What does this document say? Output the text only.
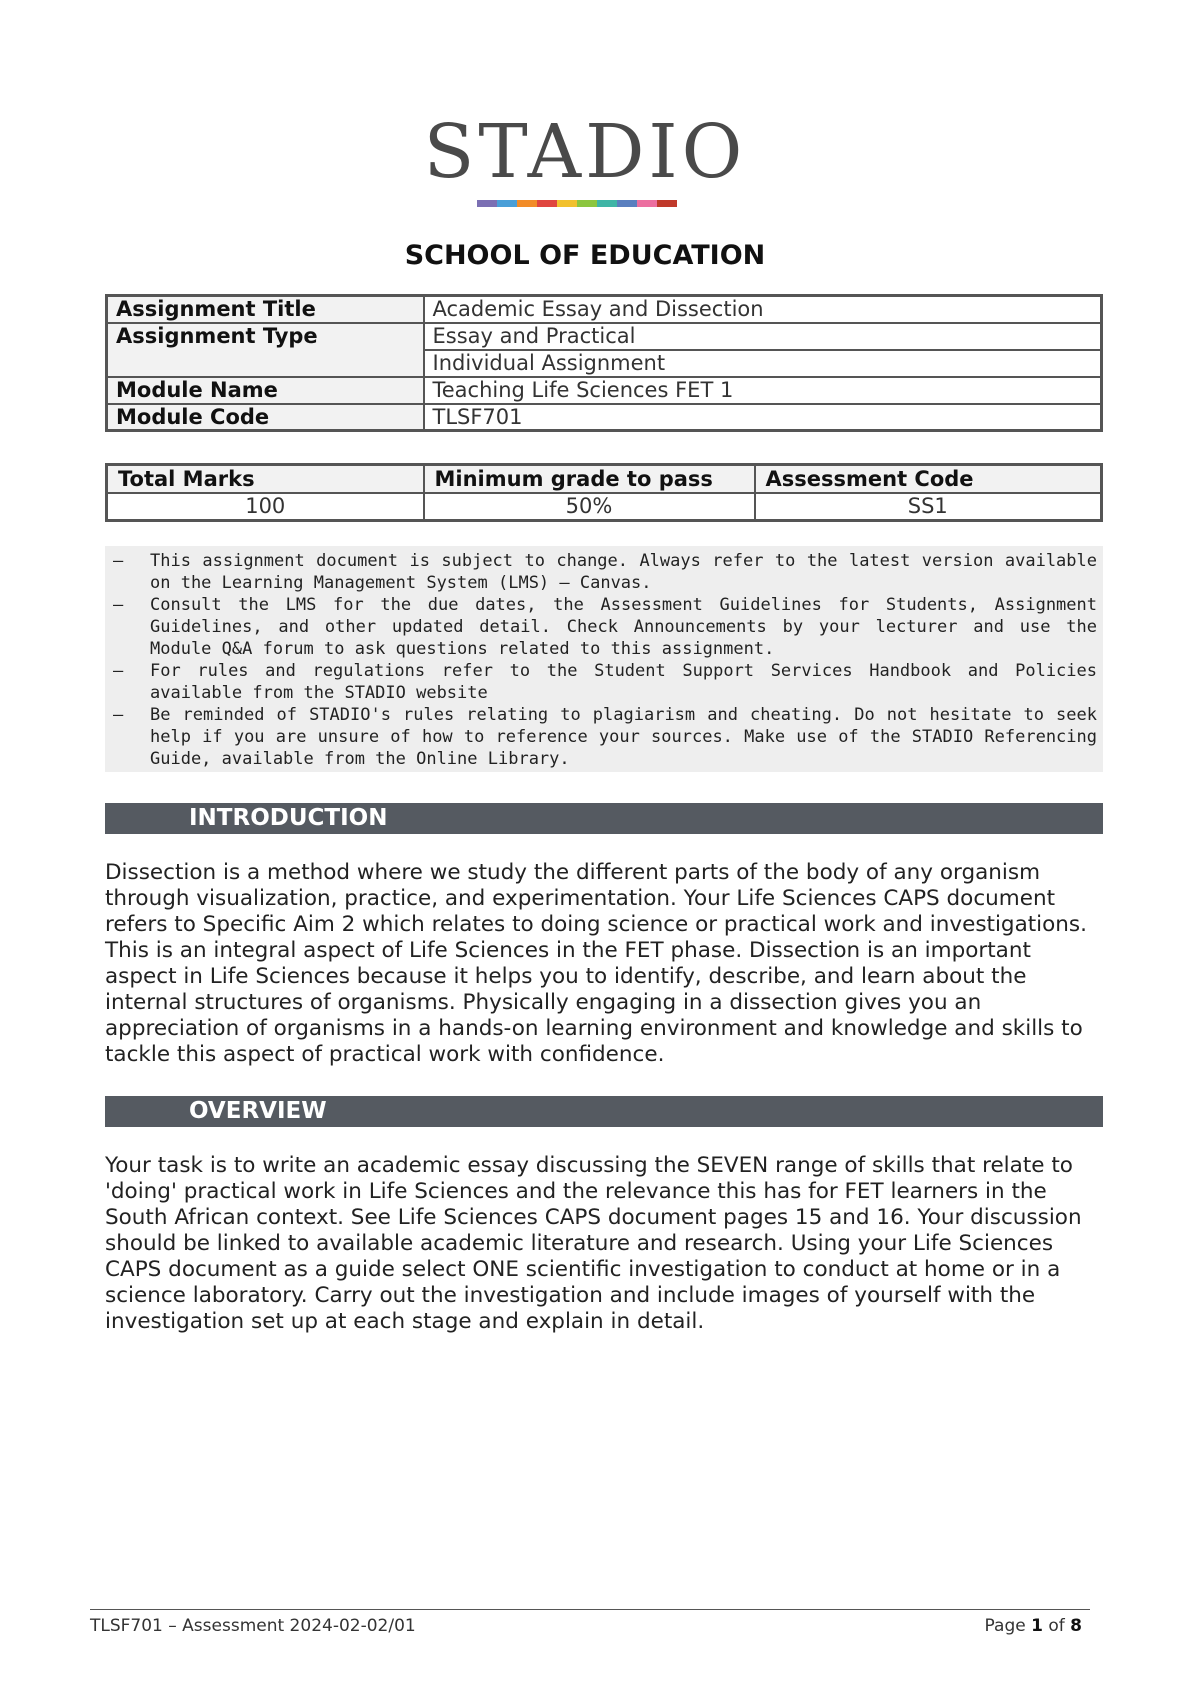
STADIO
SCHOOL OF EDUCATION
Assignment Title	Academic Essay and Dissection
Assignment Type	Essay and Practical
	Individual Assignment
Module Name	Teaching Life Sciences FET 1
Module Code	TLSF701
Total Marks	Minimum grade to pass	Assessment Code
100	50%	SS1
– This assignment document is subject to change. Always refer to the latest version available on the Learning Management System (LMS) – Canvas.
– Consult the LMS for the due dates, the Assessment Guidelines for Students, Assignment Guidelines, and other updated detail. Check Announcements by your lecturer and use the Module Q&A forum to ask questions related to this assignment.
– For rules and regulations refer to the Student Support Services Handbook and Policies available from the STADIO website
– Be reminded of STADIO's rules relating to plagiarism and cheating. Do not hesitate to seek help if you are unsure of how to reference your sources. Make use of the STADIO Referencing Guide, available from the Online Library.
INTRODUCTION
Dissection is a method where we study the different parts of the body of any organism through visualization, practice, and experimentation. Your Life Sciences CAPS document refers to Specific Aim 2 which relates to doing science or practical work and investigations. This is an integral aspect of Life Sciences in the FET phase. Dissection is an important aspect in Life Sciences because it helps you to identify, describe, and learn about the internal structures of organisms. Physically engaging in a dissection gives you an appreciation of organisms in a hands-on learning environment and knowledge and skills to tackle this aspect of practical work with confidence.
OVERVIEW
Your task is to write an academic essay discussing the SEVEN range of skills that relate to 'doing' practical work in Life Sciences and the relevance this has for FET learners in the South African context. See Life Sciences CAPS document pages 15 and 16. Your discussion should be linked to available academic literature and research. Using your Life Sciences CAPS document as a guide select ONE scientific investigation to conduct at home or in a science laboratory. Carry out the investigation and include images of yourself with the investigation set up at each stage and explain in detail.
TLSF701 – Assessment 2024-02-02/01	Page 1 of 8
